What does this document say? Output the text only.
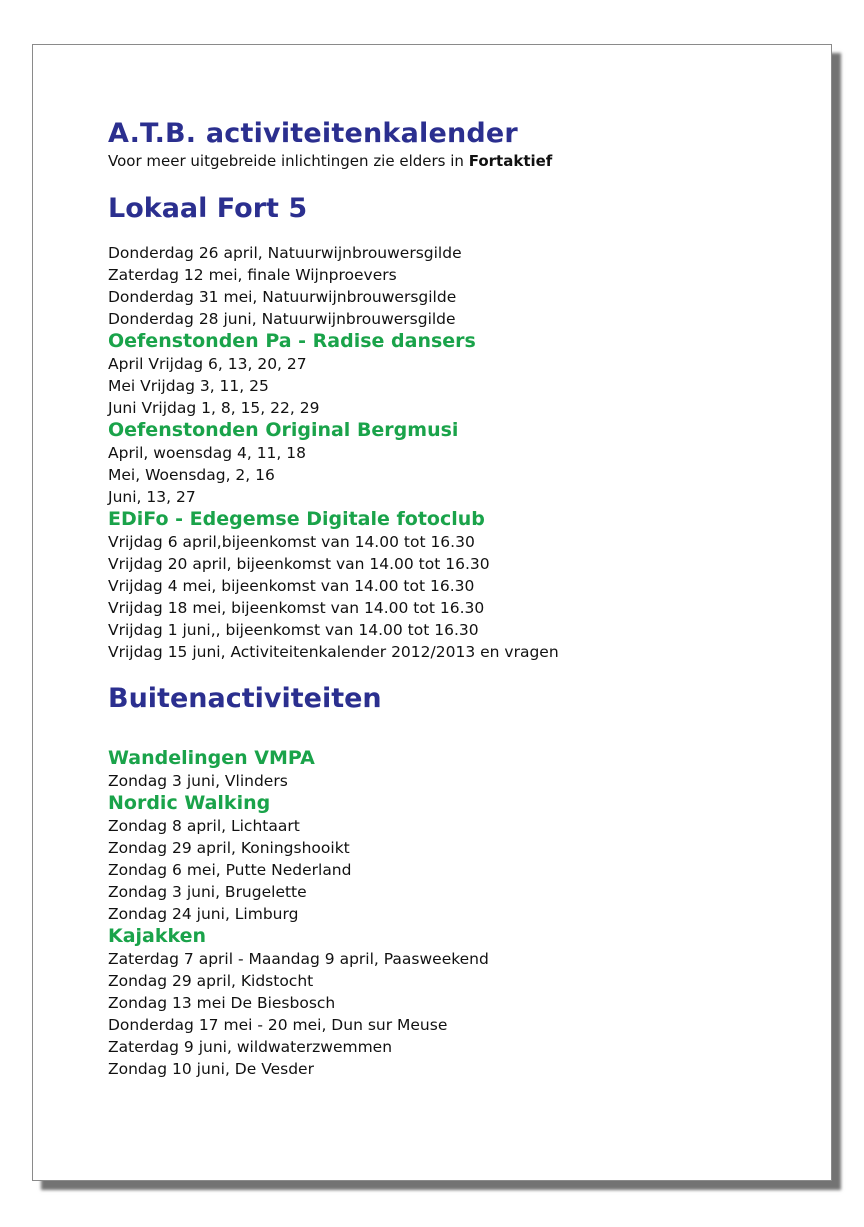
A.T.B. activiteitenkalender
Voor meer uitgebreide inlichtingen zie elders in Fortaktief
Lokaal Fort 5
Donderdag 26 april, Natuurwijnbrouwersgilde
Zaterdag 12 mei, finale Wijnproevers
Donderdag 31 mei, Natuurwijnbrouwersgilde
Donderdag 28 juni, Natuurwijnbrouwersgilde
Oefenstonden Pa - Radise dansers
April Vrijdag 6, 13, 20, 27
Mei Vrijdag 3, 11, 25
Juni Vrijdag 1, 8, 15, 22, 29
Oefenstonden Original Bergmusi
April, woensdag 4, 11, 18
Mei, Woensdag, 2, 16
Juni, 13, 27
EDiFo - Edegemse Digitale fotoclub
Vrijdag 6 april,bijeenkomst van 14.00 tot 16.30
Vrijdag 20 april, bijeenkomst van 14.00 tot 16.30
Vrijdag 4 mei, bijeenkomst van 14.00 tot 16.30
Vrijdag 18 mei, bijeenkomst van 14.00 tot 16.30
Vrijdag 1 juni,, bijeenkomst van 14.00 tot 16.30
Vrijdag 15 juni, Activiteitenkalender 2012/2013 en vragen
Buitenactiviteiten
Wandelingen VMPA
Zondag 3 juni, Vlinders
Nordic Walking
Zondag 8 april, Lichtaart
Zondag 29 april, Koningshooikt
Zondag 6 mei, Putte Nederland
Zondag 3 juni, Brugelette
Zondag 24 juni, Limburg
Kajakken
Zaterdag 7 april - Maandag 9 april, Paasweekend
Zondag 29 april, Kidstocht
Zondag 13 mei De Biesbosch
Donderdag 17 mei - 20 mei, Dun sur Meuse
Zaterdag 9 juni, wildwaterzwemmen
Zondag 10 juni, De Vesder
